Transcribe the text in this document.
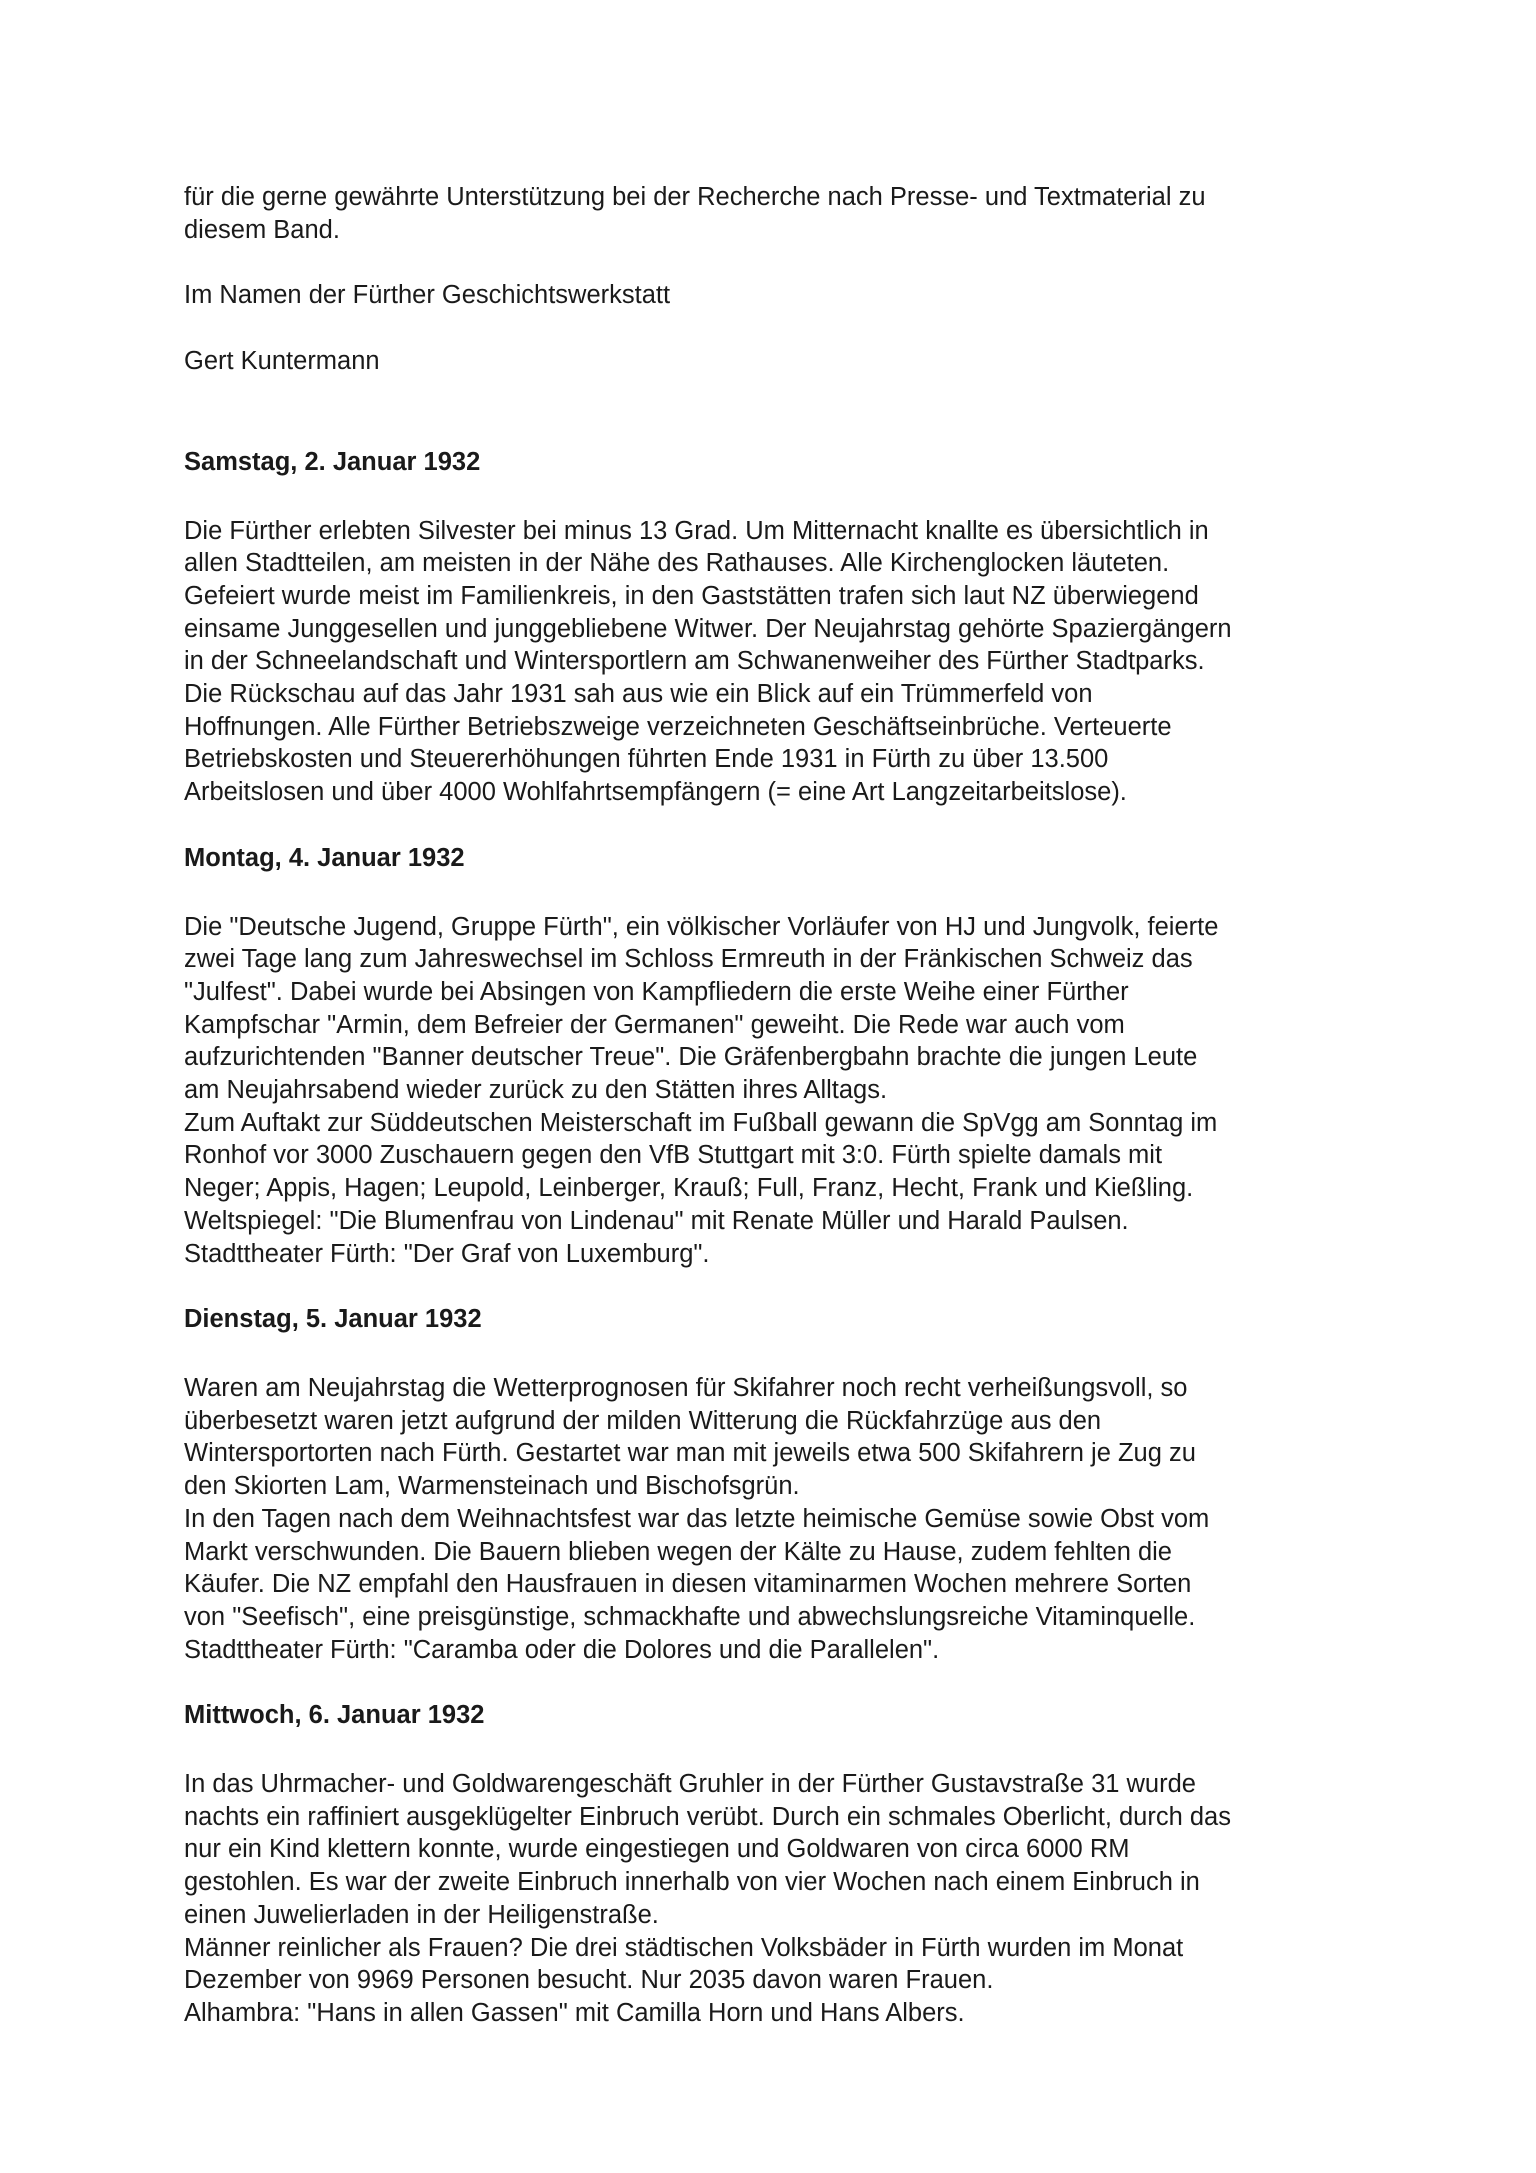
für die gerne gewährte Unterstützung bei der Recherche nach Presse- und Textmaterial zu

diesem Band.

Im Namen der Fürther Geschichtswerkstatt

Gert Kuntermann

Samstag, 2. Januar 1932

Die Fürther erlebten Silvester bei minus 13 Grad. Um Mitternacht knallte es übersichtlich in

allen Stadtteilen, am meisten in der Nähe des Rathauses. Alle Kirchenglocken läuteten.

Gefeiert wurde meist im Familienkreis, in den Gaststätten trafen sich laut NZ überwiegend

einsame Junggesellen und junggebliebene Witwer. Der Neujahrstag gehörte Spaziergängern

in der Schneelandschaft und Wintersportlern am Schwanenweiher des Fürther Stadtparks.

Die Rückschau auf das Jahr 1931 sah aus wie ein Blick auf ein Trümmerfeld von

Hoffnungen. Alle Fürther Betriebszweige verzeichneten Geschäftseinbrüche. Verteuerte

Betriebskosten und Steuererhöhungen führten Ende 1931 in Fürth zu über 13.500

Arbeitslosen und über 4000 Wohlfahrtsempfängern (= eine Art Langzeitarbeitslose).

Montag, 4. Januar 1932

Die "Deutsche Jugend, Gruppe Fürth", ein völkischer Vorläufer von HJ und Jungvolk, feierte

zwei Tage lang zum Jahreswechsel im Schloss Ermreuth in der Fränkischen Schweiz das

"Julfest". Dabei wurde bei Absingen von Kampfliedern die erste Weihe einer Fürther

Kampfschar "Armin, dem Befreier der Germanen" geweiht. Die Rede war auch vom

aufzurichtenden "Banner deutscher Treue". Die Gräfenbergbahn brachte die jungen Leute

am Neujahrsabend wieder zurück zu den Stätten ihres Alltags.

Zum Auftakt zur Süddeutschen Meisterschaft im Fußball gewann die SpVgg am Sonntag im

Ronhof vor 3000 Zuschauern gegen den VfB Stuttgart mit 3:0. Fürth spielte damals mit

Neger; Appis, Hagen; Leupold, Leinberger, Krauß; Full, Franz, Hecht, Frank und Kießling.

Weltspiegel: "Die Blumenfrau von Lindenau" mit Renate Müller und Harald Paulsen.

Stadttheater Fürth: "Der Graf von Luxemburg".

Dienstag, 5. Januar 1932

Waren am Neujahrstag die Wetterprognosen für Skifahrer noch recht verheißungsvoll, so

überbesetzt waren jetzt aufgrund der milden Witterung die Rückfahrzüge aus den

Wintersportorten nach Fürth. Gestartet war man mit jeweils etwa 500 Skifahrern je Zug zu

den Skiorten Lam, Warmensteinach und Bischofsgrün.

In den Tagen nach dem Weihnachtsfest war das letzte heimische Gemüse sowie Obst vom

Markt verschwunden. Die Bauern blieben wegen der Kälte zu Hause, zudem fehlten die

Käufer. Die NZ empfahl den Hausfrauen in diesen vitaminarmen Wochen mehrere Sorten

von "Seefisch", eine preisgünstige, schmackhafte und abwechslungsreiche Vitaminquelle.

Stadttheater Fürth: "Caramba oder die Dolores und die Parallelen".

Mittwoch, 6. Januar 1932

In das Uhrmacher- und Goldwarengeschäft Gruhler in der Fürther Gustavstraße 31 wurde

nachts ein raffiniert ausgeklügelter Einbruch verübt. Durch ein schmales Oberlicht, durch das

nur ein Kind klettern konnte, wurde eingestiegen und Goldwaren von circa 6000 RM

gestohlen. Es war der zweite Einbruch innerhalb von vier Wochen nach einem Einbruch in

einen Juwelierladen in der Heiligenstraße.

Männer reinlicher als Frauen? Die drei städtischen Volksbäder in Fürth wurden im Monat

Dezember von 9969 Personen besucht. Nur 2035 davon waren Frauen.

Alhambra: "Hans in allen Gassen" mit Camilla Horn und Hans Albers.
